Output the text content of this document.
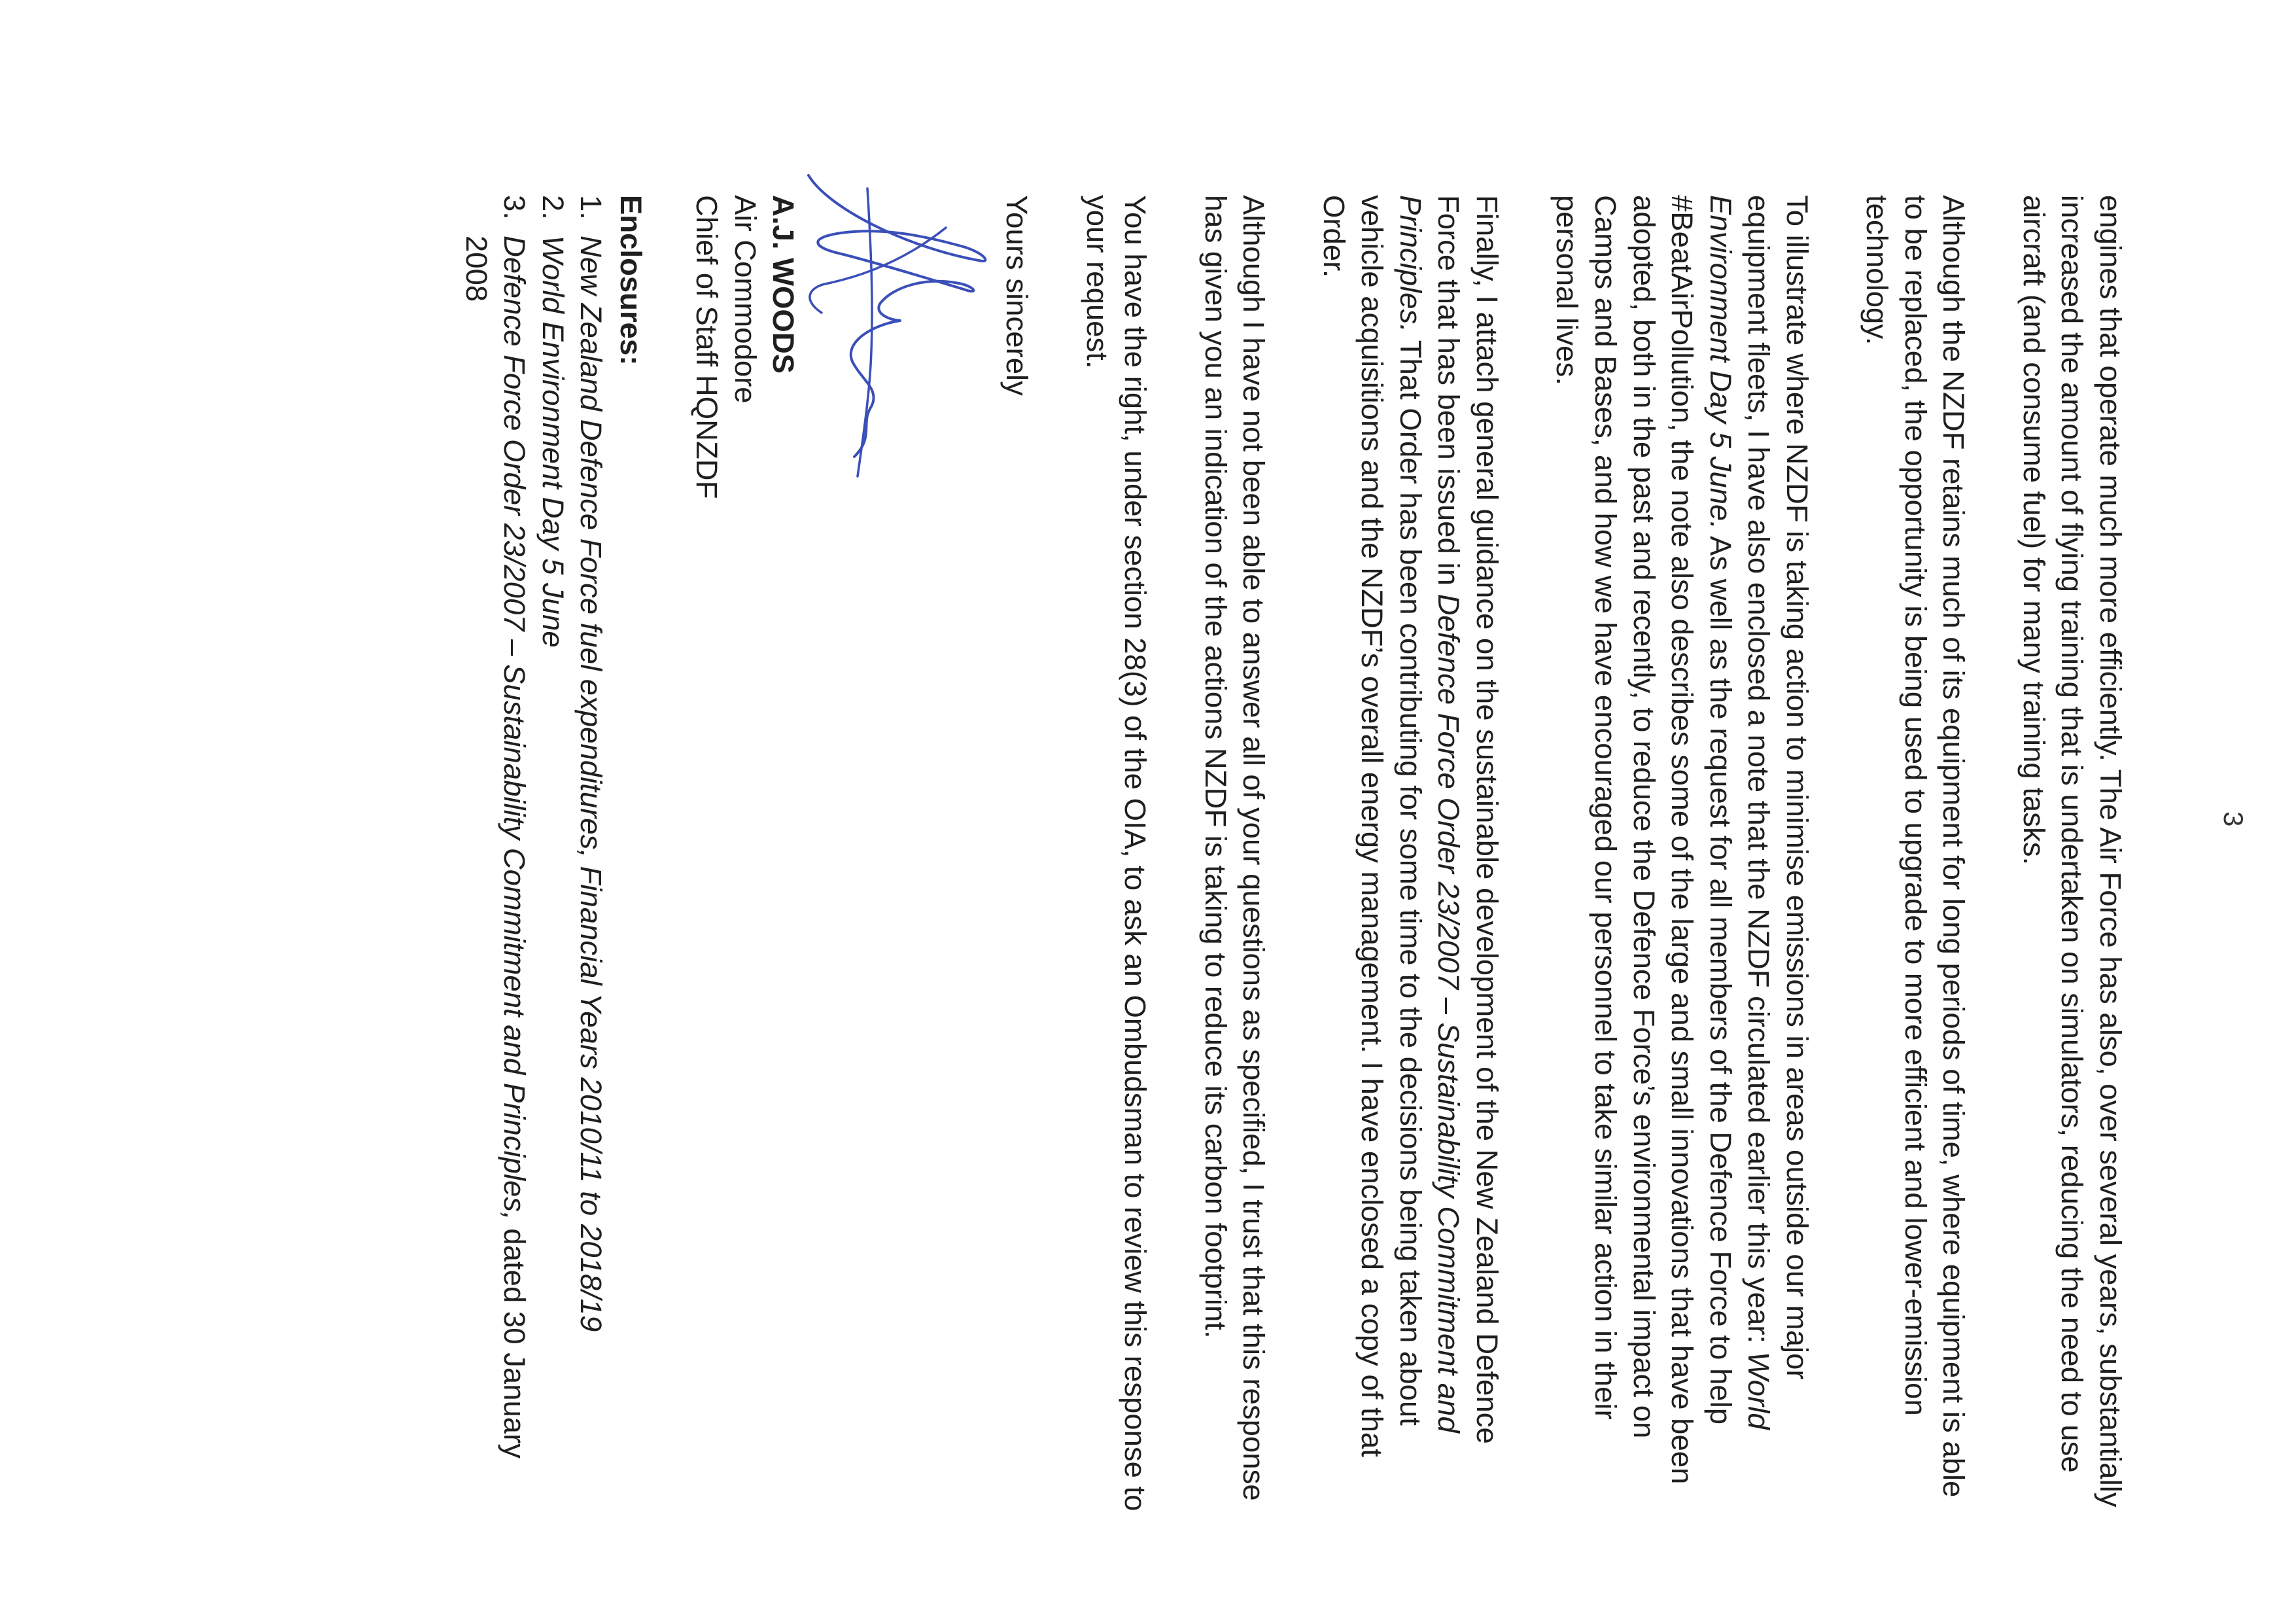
3

engines that operate much more efficiently. The Air Force has also, over several years, substantially increased the amount of flying training that is undertaken on simulators, reducing the need to use aircraft (and consume fuel) for many training tasks.

Although the NZDF retains much of its equipment for long periods of time, where equipment is able to be replaced, the opportunity is being used to upgrade to more efficient and lower-emission technology.

To illustrate where NZDF is taking action to minimise emissions in areas outside our major equipment fleets, I have also enclosed a note that the NZDF circulated earlier this year: World Environment Day 5 June. As well as the request for all members of the Defence Force to help #BeatAirPollution, the note also describes some of the large and small innovations that have been adopted, both in the past and recently, to reduce the Defence Force’s environmental impact on Camps and Bases, and how we have encouraged our personnel to take similar action in their personal lives.

Finally, I attach general guidance on the sustainable development of the New Zealand Defence Force that has been issued in Defence Force Order 23/2007 – Sustainability Commitment and Principles. That Order has been contributing for some time to the decisions being taken about vehicle acquisitions and the NZDF’s overall energy management. I have enclosed a copy of that Order.

Although I have not been able to answer all of your questions as specified, I trust that this response has given you an indication of the actions NZDF is taking to reduce its carbon footprint.

You have the right, under section 28(3) of the OIA, to ask an Ombudsman to review this response to your request.

Yours sincerely

A.J. WOODS

Air Commodore

Chief of Staff HQNZDF

Enclosures:

1.
New Zealand Defence Force fuel expenditures, Financial Years 2010/11 to 2018/19
2.
World Environment Day 5 June
3.
Defence Force Order 23/2007 – Sustainability Commitment and Principles, dated 30 January 2008
